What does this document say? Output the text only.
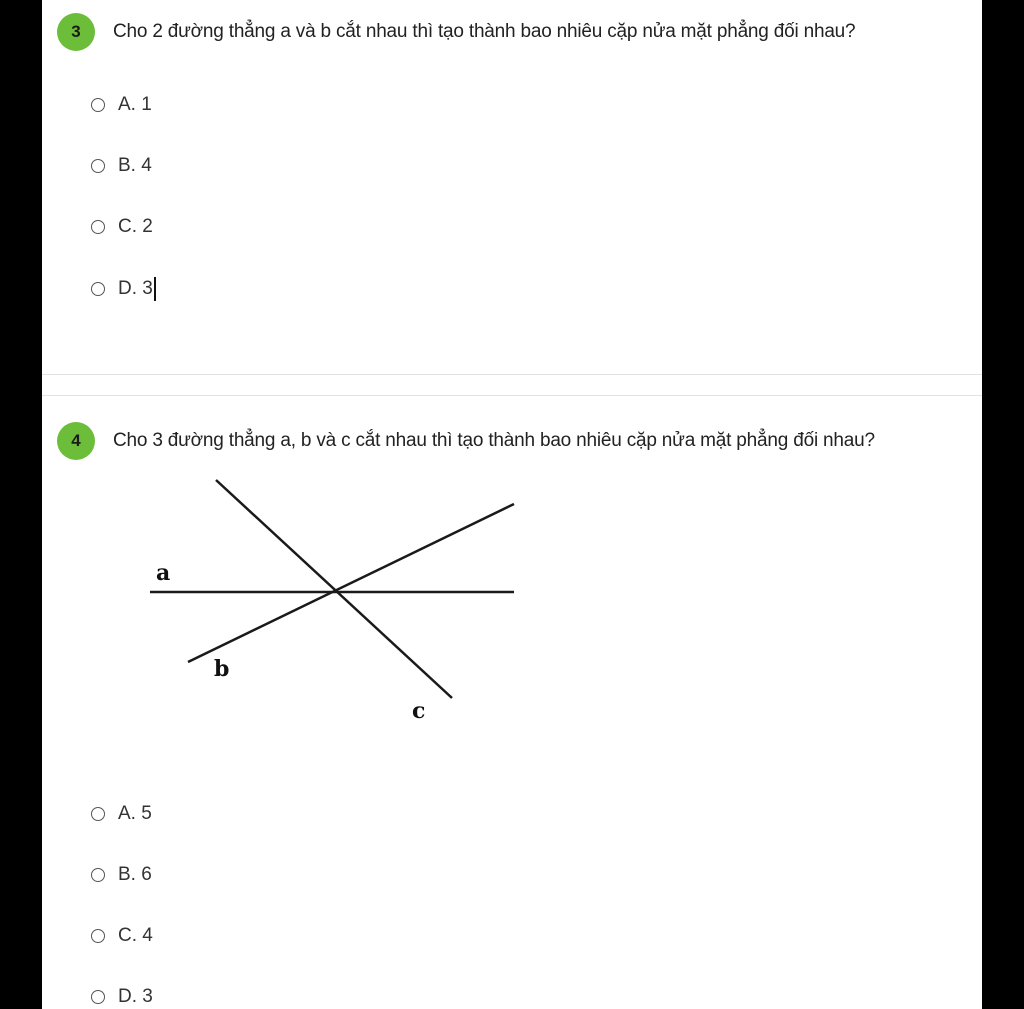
3	Cho 2 đường thẳng a và b cắt nhau thì tạo thành bao nhiêu cặp nửa mặt phẳng đối nhau?
A. 1
B. 4
C. 2
D. 3
4	Cho 3 đường thẳng a, b và c cắt nhau thì tạo thành bao nhiêu cặp nửa mặt phẳng đối nhau?
a
b
c
A. 5
B. 6
C. 4
D. 3
